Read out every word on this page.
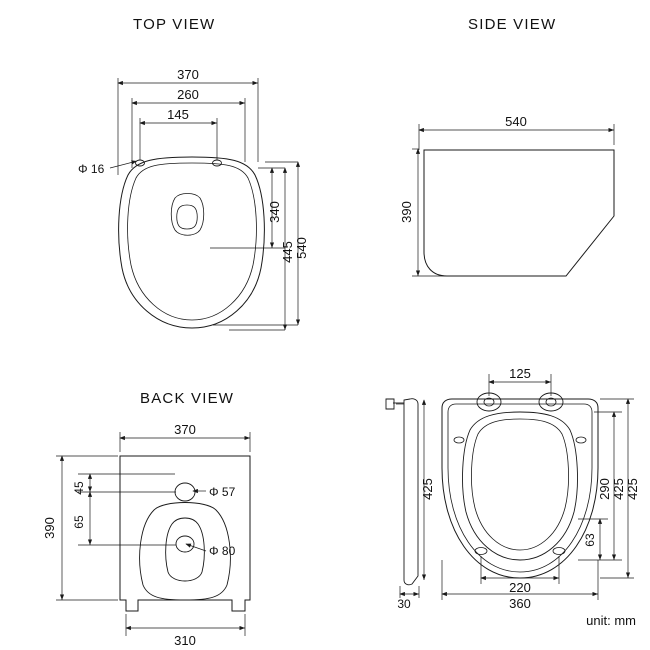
TOP VIEW	SIDE VIEW
BACK VIEW
unit: mm
370
260
145
Φ 16
540
445
340
540
390
370
310
390
45
65
Φ 57
Φ 80
125
425
425
290
63
220
360
30
425
